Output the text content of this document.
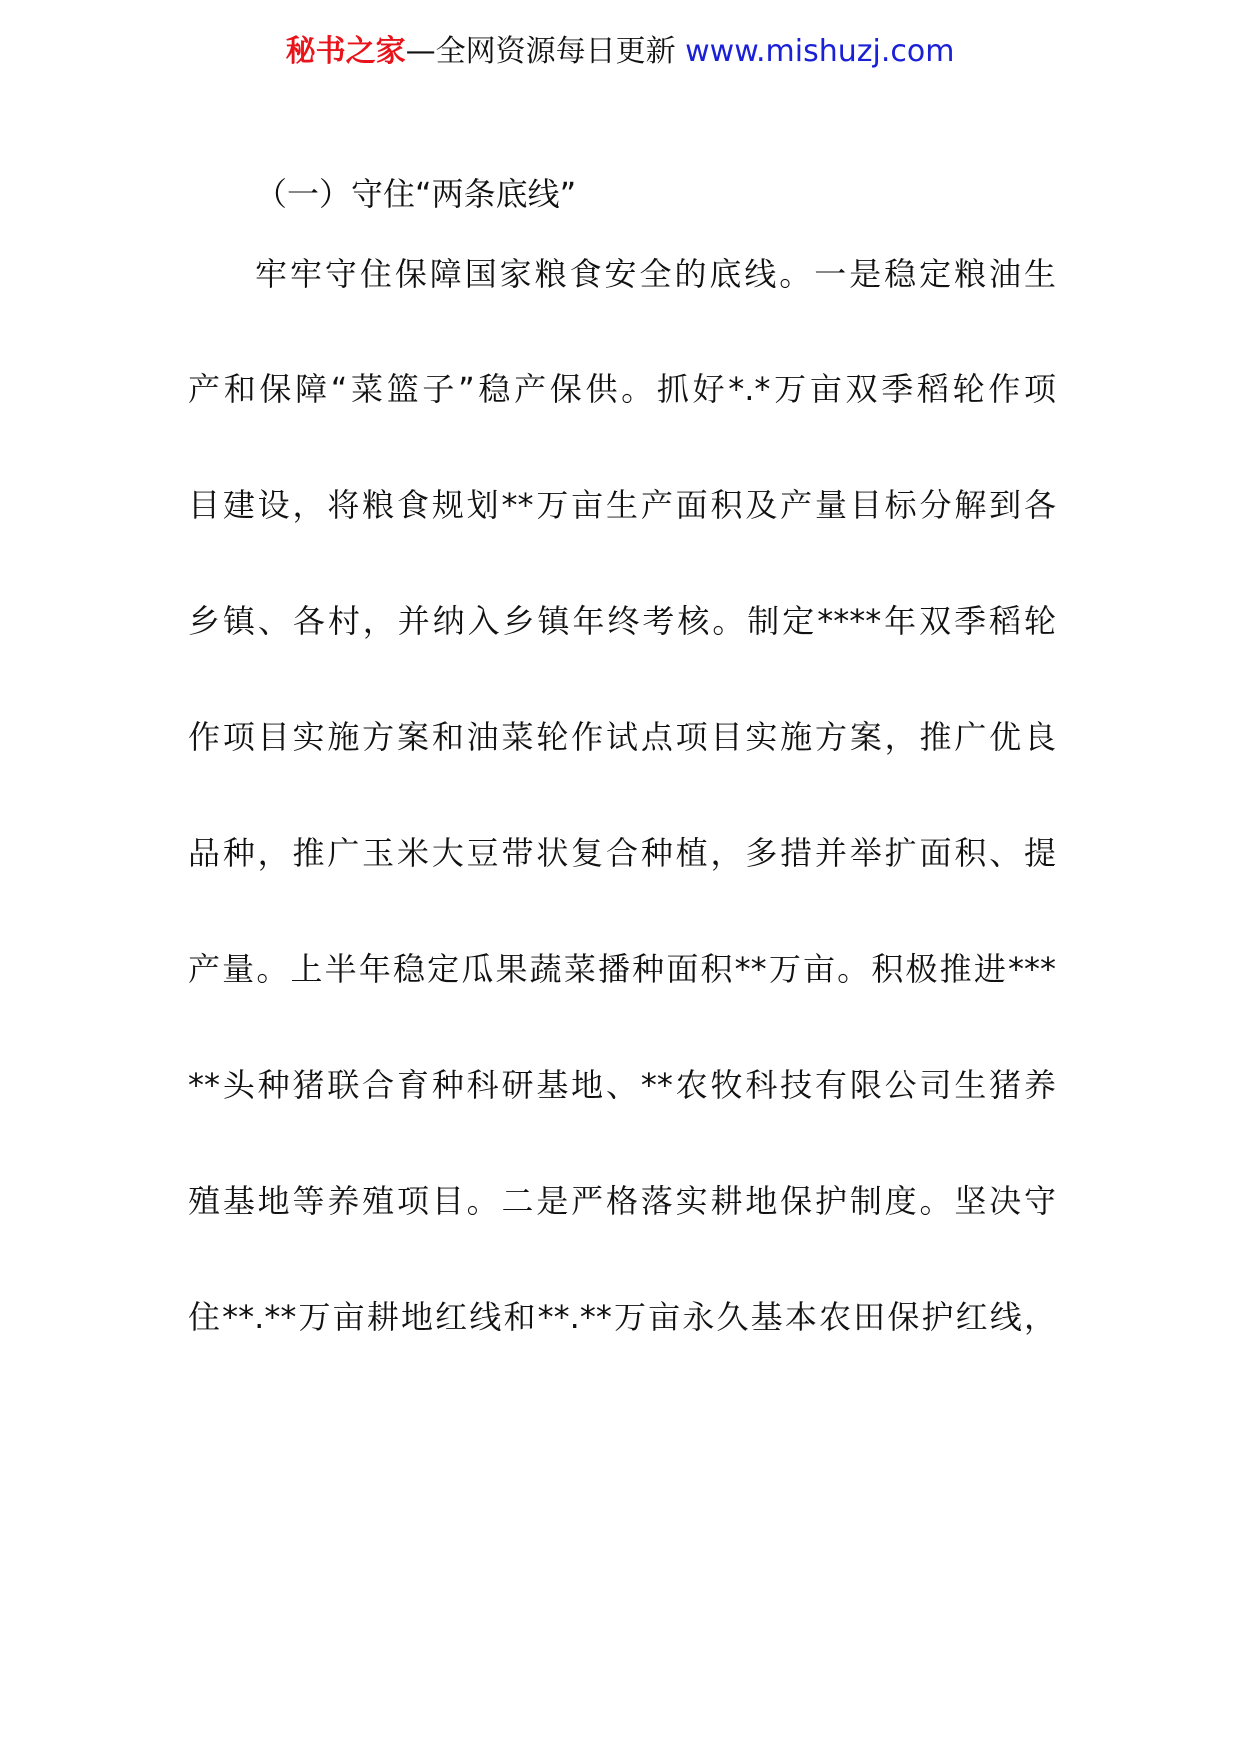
秘书之家—全网资源每日更新 www.mishuzj.com
（一）守住“两条底线”
牢牢守住保障国家粮食安全的底线。一是稳定粮油生
产和保障“菜篮子”稳产保供。抓好*.*万亩双季稻轮作项
目建设，将粮食规划**万亩生产面积及产量目标分解到各
乡镇、各村，并纳入乡镇年终考核。制定****年双季稻轮
作项目实施方案和油菜轮作试点项目实施方案，推广优良
品种，推广玉米大豆带状复合种植，多措并举扩面积、提
产量。上半年稳定瓜果蔬菜播种面积**万亩。积极推进***
**头种猪联合育种科研基地、**农牧科技有限公司生猪养
殖基地等养殖项目。二是严格落实耕地保护制度。坚决守
住**.**万亩耕地红线和**.**万亩永久基本农田保护红线，
